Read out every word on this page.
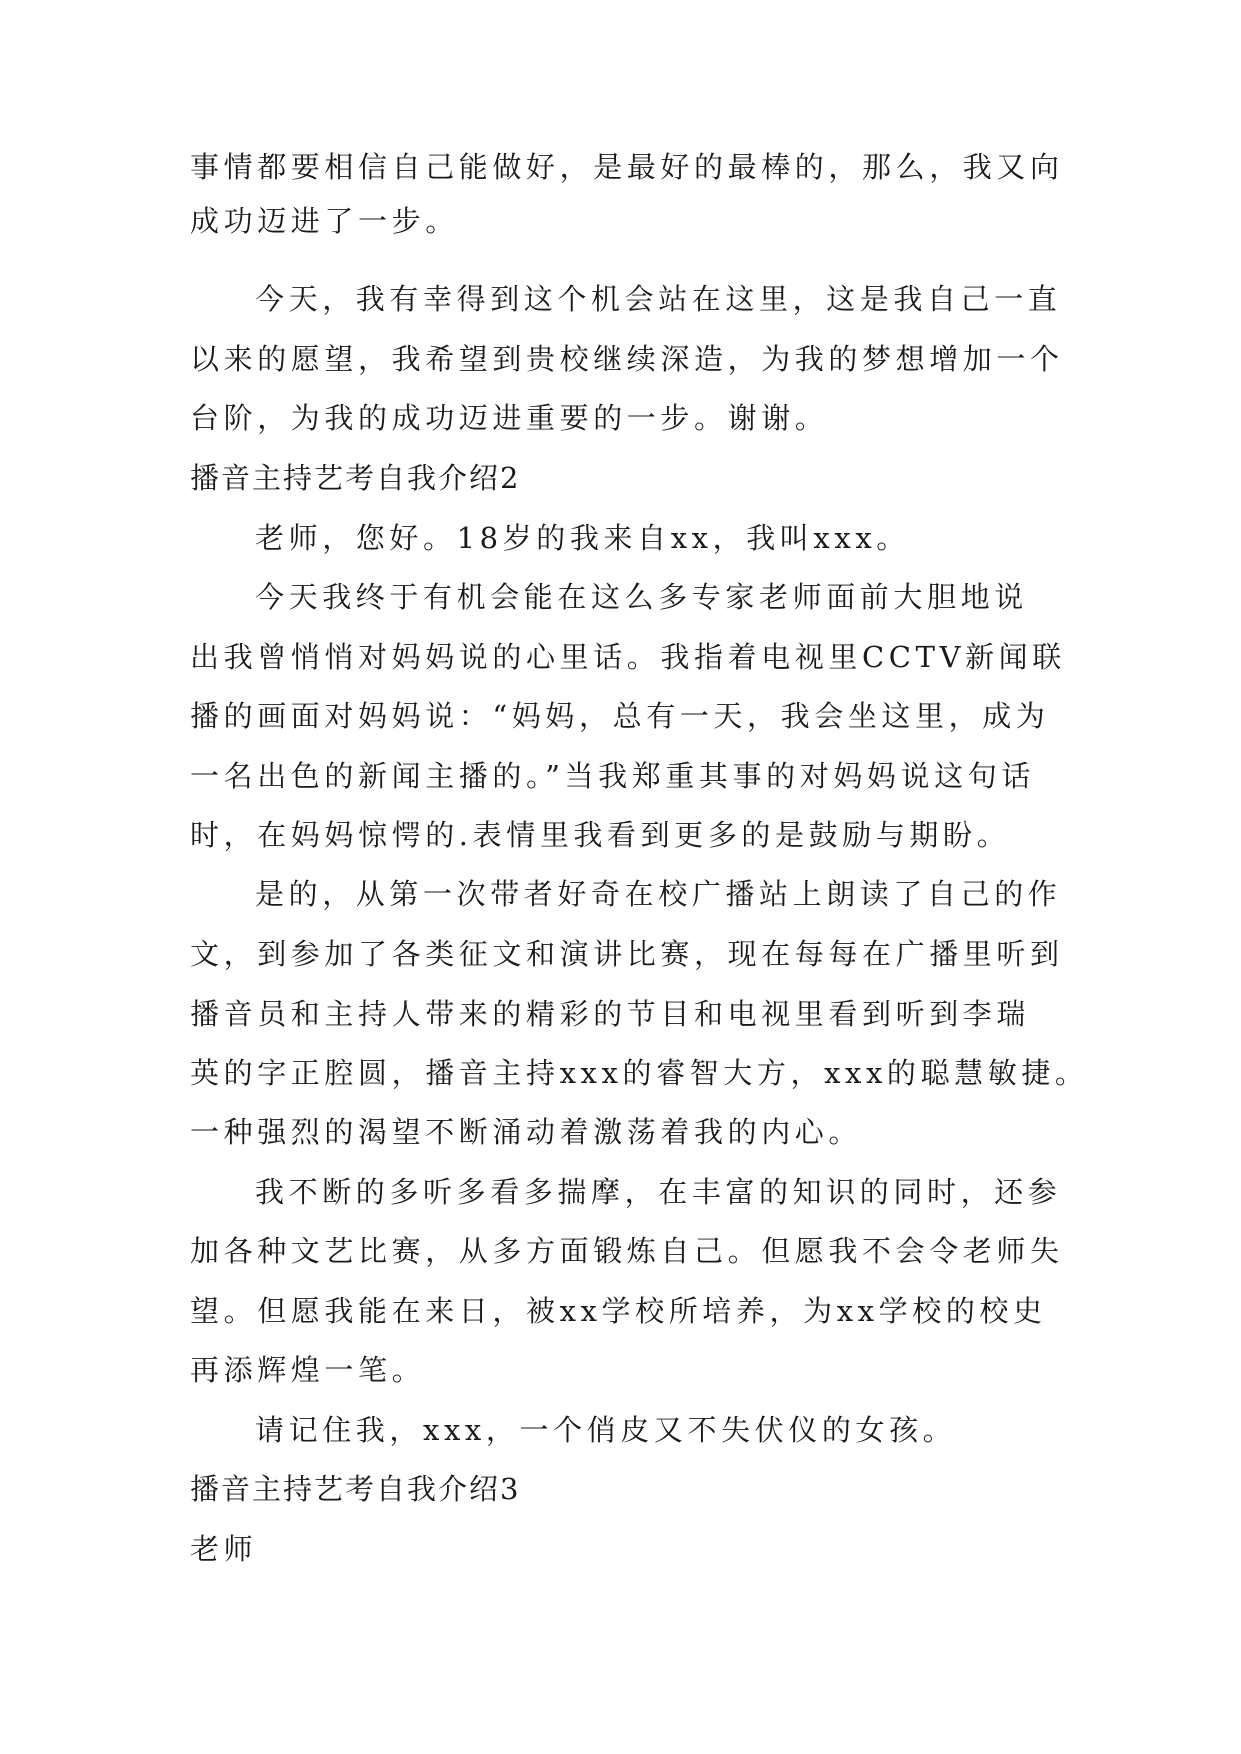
事情都要相信自己能做好，是最好的最棒的，那么，我又向
成功迈进了一步。
今天，我有幸得到这个机会站在这里，这是我自己一直
以来的愿望，我希望到贵校继续深造，为我的梦想增加一个
台阶，为我的成功迈进重要的一步。谢谢。
播音主持艺考自我介绍2
老师，您好。18岁的我来自xx，我叫xxx。
今天我终于有机会能在这么多专家老师面前大胆地说
出我曾悄悄对妈妈说的心里话。我指着电视里CCTV新闻联
播的画面对妈妈说：“妈妈，总有一天，我会坐这里，成为
一名出色的新闻主播的。”当我郑重其事的对妈妈说这句话
时，在妈妈惊愕的.表情里我看到更多的是鼓励与期盼。
是的，从第一次带者好奇在校广播站上朗读了自己的作
文，到参加了各类征文和演讲比赛，现在每每在广播里听到
播音员和主持人带来的精彩的节目和电视里看到听到李瑞
英的字正腔圆，播音主持xxx的睿智大方，xxx的聪慧敏捷。
一种强烈的渴望不断涌动着激荡着我的内心。
我不断的多听多看多揣摩，在丰富的知识的同时，还参
加各种文艺比赛，从多方面锻炼自己。但愿我不会令老师失
望。但愿我能在来日，被xx学校所培养，为xx学校的校史
再添辉煌一笔。
请记住我，xxx，一个俏皮又不失伏仪的女孩。
播音主持艺考自我介绍3
老师
